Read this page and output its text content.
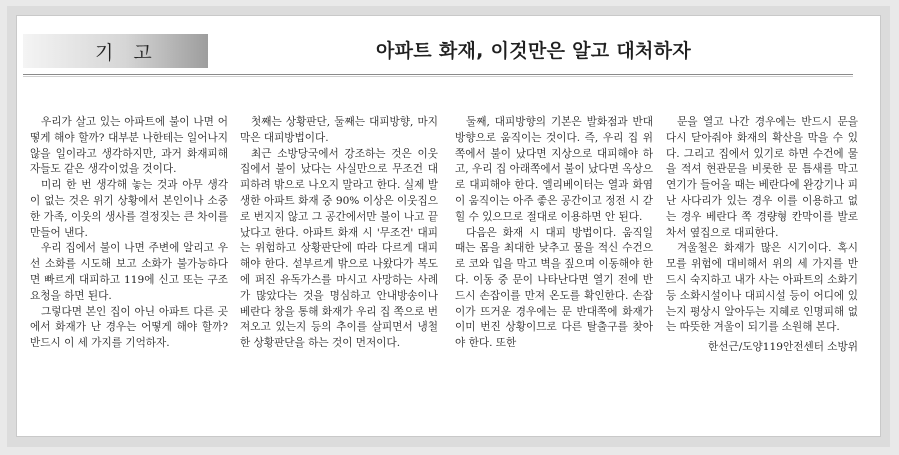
기 고	아파트 화재, 이것만은 알고 대처하자

우리가 살고 있는 아파트에 불이 나면 어떻게 해야 할까? 대부분 나한테는 일어나지 않을 일이라고 생각하지만, 과거 화재피해자들도 같은 생각이었을 것이다.

미리 한 번 생각해 놓는 것과 아무 생각이 없는 것은 위기 상황에서 본인이나 소중한 가족, 이웃의 생사를 결정짓는 큰 차이를 만들어 낸다.

우리 집에서 불이 나면 주변에 알리고 우선 소화를 시도해 보고 소화가 불가능하다면 빠르게 대피하고 119에 신고 또는 구조 요청을 하면 된다.

그렇다면 본인 집이 아닌 아파트 다른 곳에서 화재가 난 경우는 어떻게 해야 할까? 반드시 이 세 가지를 기억하자.

첫째는 상황판단, 둘째는 대피방향, 마지막은 대피방법이다.

최근 소방당국에서 강조하는 것은 이웃집에서 불이 났다는 사실만으로 무조건 대피하려 밖으로 나오지 말라고 한다. 실제 발생한 아파트 화재 중 90% 이상은 이웃집으로 번지지 않고 그 공간에서만 불이 나고 끝났다고 한다. 아파트 화재 시 '무조건' 대피는 위험하고 상황판단에 따라 다르게 대피해야 한다. 섣부르게 밖으로 나왔다가 복도에 퍼진 유독가스를 마시고 사망하는 사례가 많았다는 것을 명심하고 안내방송이나 베란다 창을 통해 화재가 우리 집 쪽으로 번져오고 있는지 등의 추이를 살피면서 냉철한 상황판단을 하는 것이 먼저이다.

둘째, 대피방향의 기본은 발화점과 반대 방향으로 움직이는 것이다. 즉, 우리 집 위쪽에서 불이 났다면 지상으로 대피해야 하고, 우리 집 아래쪽에서 불이 났다면 옥상으로 대피해야 한다. 엘리베이터는 열과 화염이 움직이는 아주 좋은 공간이고 정전 시 갇힐 수 있으므로 절대로 이용하면 안 된다.

다음은 화재 시 대피 방법이다. 움직일 때는 몸을 최대한 낮추고 물을 적신 수건으로 코와 입을 막고 벽을 짚으며 이동해야 한다. 이동 중 문이 나타난다면 열기 전에 반드시 손잡이를 만져 온도를 확인한다. 손잡이가 뜨거운 경우에는 문 반대쪽에 화재가 이미 번진 상황이므로 다른 탈출구를 찾아야 한다. 또한

문을 열고 나간 경우에는 반드시 문을 다시 닫아줘야 화재의 확산을 막을 수 있다. 그리고 집에서 있기로 하면 수건에 물을 적셔 현관문을 비롯한 문 틈새를 막고 연기가 들어올 때는 베란다에 완강기나 피난 사다리가 있는 경우 이를 이용하고 없는 경우 베란다 쪽 경량형 칸막이를 발로 차서 옆집으로 대피한다.

겨울철은 화재가 많은 시기이다. 혹시 모를 위험에 대비해서 위의 세 가지를 반드시 숙지하고 내가 사는 아파트의 소화기 등 소화시설이나 대피시설 등이 어디에 있는지 평상시 알아두는 지혜로 인명피해 없는 따뜻한 겨울이 되기를 소원해 본다.

한선근/도양119안전센터 소방위
